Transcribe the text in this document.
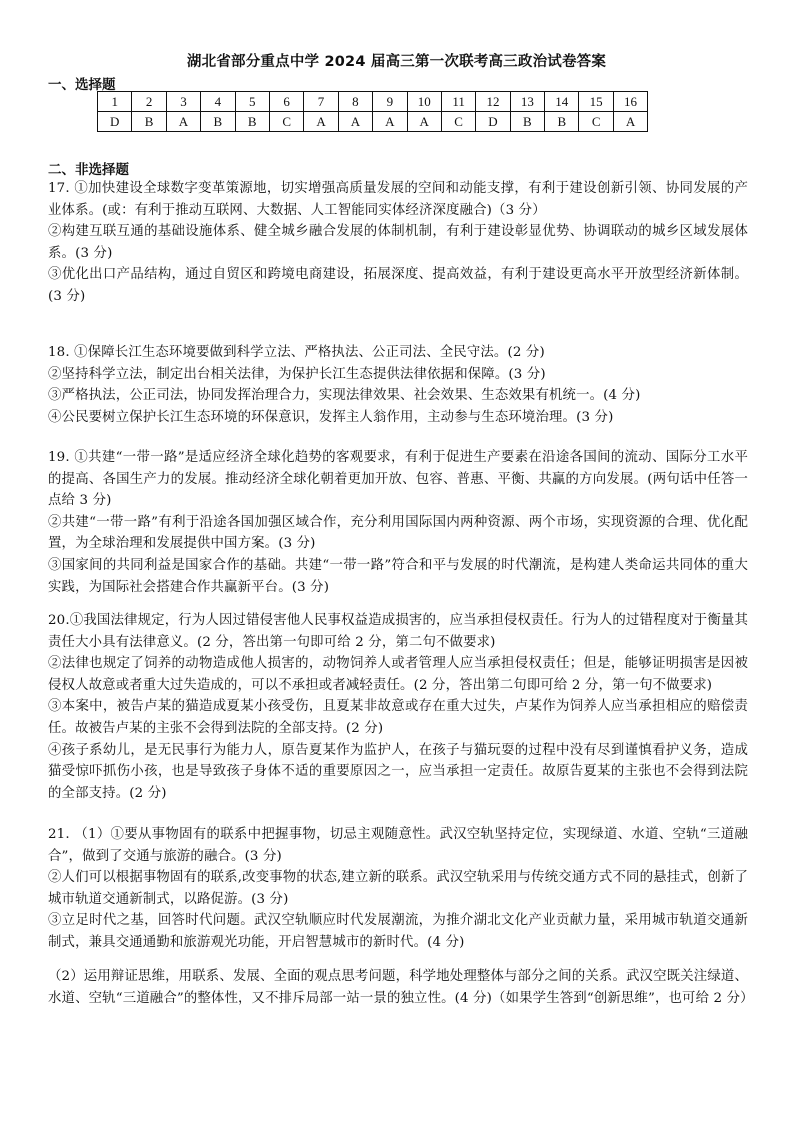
湖北省部分重点中学 2024 届高三第一次联考高三政治试卷答案
一、选择题
1	2	3	4	5	6	7	8	9	10	11	12	13	14	15	16
D	B	A	B	B	C	A	A	A	A	C	D	B	B	C	A
二、非选择题

17. ①加快建设全球数字变革策源地，切实增强高质量发展的空间和动能支撑，有利于建设创新引领、协同发展的产业体系。(或：有利于推动互联网、大数据、人工智能同实体经济深度融合)（3 分）

②构建互联互通的基础设施体系、健全城乡融合发展的体制机制，有利于建设彰显优势、协调联动的城乡区域发展体系。(3 分)

③优化出口产品结构，通过自贸区和跨境电商建设，拓展深度、提高效益，有利于建设更高水平开放型经济新体制。(3 分)

18. ①保障长江生态环境要做到科学立法、严格执法、公正司法、全民守法。(2 分)

②坚持科学立法，制定出台相关法律，为保护长江生态提供法律依据和保障。(3 分)

③严格执法，公正司法，协同发挥治理合力，实现法律效果、社会效果、生态效果有机统一。(4 分)

④公民要树立保护长江生态环境的环保意识，发挥主人翁作用，主动参与生态环境治理。(3 分)

19. ①共建“一带一路”是适应经济全球化趋势的客观要求，有利于促进生产要素在沿途各国间的流动、国际分工水平的提高、各国生产力的发展。推动经济全球化朝着更加开放、包容、普惠、平衡、共赢的方向发展。(两句话中任答一点给 3 分)

②共建“一带一路”有利于沿途各国加强区域合作，充分利用国际国内两种资源、两个市场，实现资源的合理、优化配置，为全球治理和发展提供中国方案。(3 分)

③国家间的共同利益是国家合作的基础。共建“一带一路”符合和平与发展的时代潮流，是构建人类命运共同体的重大实践，为国际社会搭建合作共赢新平台。(3 分)

20.①我国法律规定，行为人因过错侵害他人民事权益造成损害的，应当承担侵权责任。行为人的过错程度对于衡量其责任大小具有法律意义。(2 分，答出第一句即可给 2 分，第二句不做要求)

②法律也规定了饲养的动物造成他人损害的，动物饲养人或者管理人应当承担侵权责任；但是，能够证明损害是因被侵权人故意或者重大过失造成的，可以不承担或者减轻责任。(2 分，答出第二句即可给 2 分，第一句不做要求)

③本案中，被告卢某的猫造成夏某小孩受伤，且夏某非故意或存在重大过失，卢某作为饲养人应当承担相应的赔偿责任。故被告卢某的主张不会得到法院的全部支持。(2 分)

④孩子系幼儿，是无民事行为能力人，原告夏某作为监护人，在孩子与猫玩耍的过程中没有尽到谨慎看护义务，造成猫受惊吓抓伤小孩，也是导致孩子身体不适的重要原因之一，应当承担一定责任。故原告夏某的主张也不会得到法院的全部支持。(2 分)

21. （1）①要从事物固有的联系中把握事物，切忌主观随意性。武汉空轨坚持定位，实现绿道、水道、空轨“三道融合”，做到了交通与旅游的融合。(3 分)

②人们可以根据事物固有的联系,改变事物的状态,建立新的联系。武汉空轨采用与传统交通方式不同的悬挂式，创新了城市轨道交通新制式，以路促游。(3 分)

③立足时代之基，回答时代问题。武汉空轨顺应时代发展潮流，为推介湖北文化产业贡献力量，采用城市轨道交通新制式，兼具交通通勤和旅游观光功能，开启智慧城市的新时代。(4 分)

（2）运用辩证思维，用联系、发展、全面的观点思考问题，科学地处理整体与部分之间的关系。武汉空既关注绿道、水道、空轨“三道融合”的整体性，又不排斥局部一站一景的独立性。(4 分)（如果学生答到“创新思维”，也可给 2 分）
